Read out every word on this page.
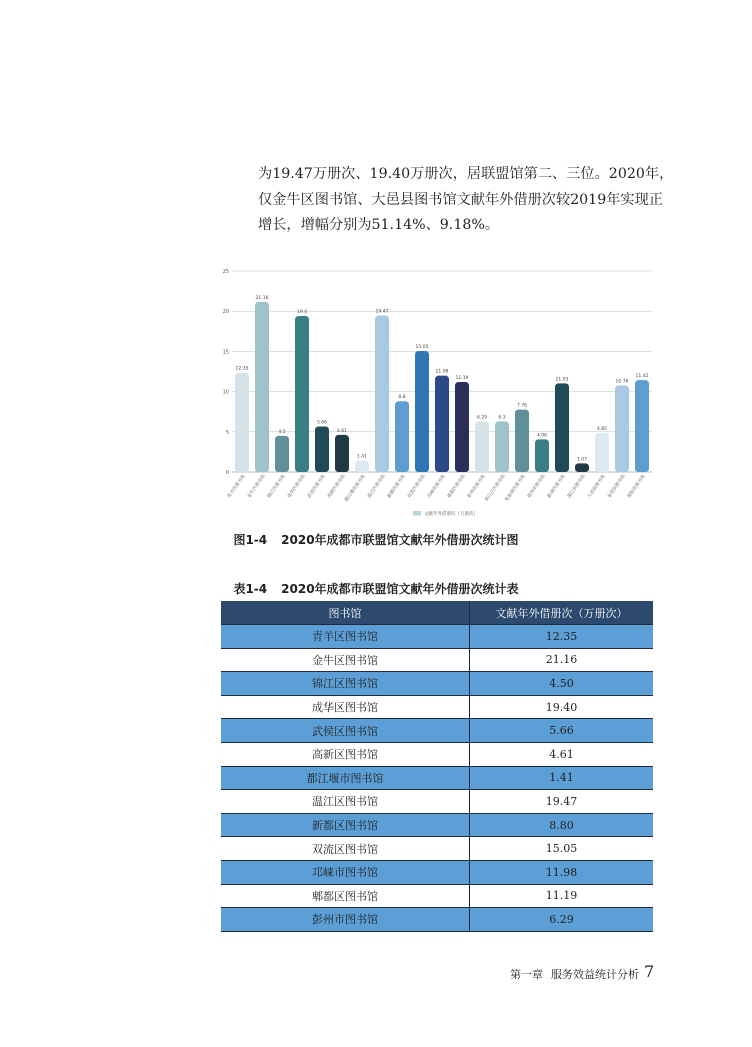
为19.47万册次、19.40万册次，居联盟馆第二、三位。2020年，
仅金牛区图书馆、大邑县图书馆文献年外借册次较2019年实现正
增长，增幅分别为51.14%、9.18%。

0
5
10
15
20
25
12.35
青羊区图书馆
21.16
金牛区图书馆
4.5
锦江区图书馆
19.4
成华区图书馆
5.66
武侯区图书馆
4.61
高新区图书馆
1.41
都江堰市图书馆
19.47
温江区图书馆
8.8
新都区图书馆
15.05
双流区图书馆
11.98
邛崃市图书馆
11.19
郫都区图书馆
6.29
彭州市图书馆
6.3
青白江区图书馆
7.76
龙泉驿区图书馆
4.06
崇州市图书馆
11.03
新津区图书馆
1.07
蒲江县图书馆
4.85
大邑县图书馆
10.76
金堂县图书馆
11.42
简阳市图书馆
文献年外借册次（万册次）

图1-4 2020年成都市联盟馆文献年外借册次统计图

表1-4 2020年成都市联盟馆文献年外借册次统计表

图书馆	文献年外借册次（万册次）
青羊区图书馆	12.35
金牛区图书馆	21.16
锦江区图书馆	4.50
成华区图书馆	19.40
武侯区图书馆	5.66
高新区图书馆	4.61
都江堰市图书馆	1.41
温江区图书馆	19.47
新都区图书馆	8.80
双流区图书馆	15.05
邛崃市图书馆	11.98
郫都区图书馆	11.19
彭州市图书馆	6.29
第一章 服务效益统计分析 7
